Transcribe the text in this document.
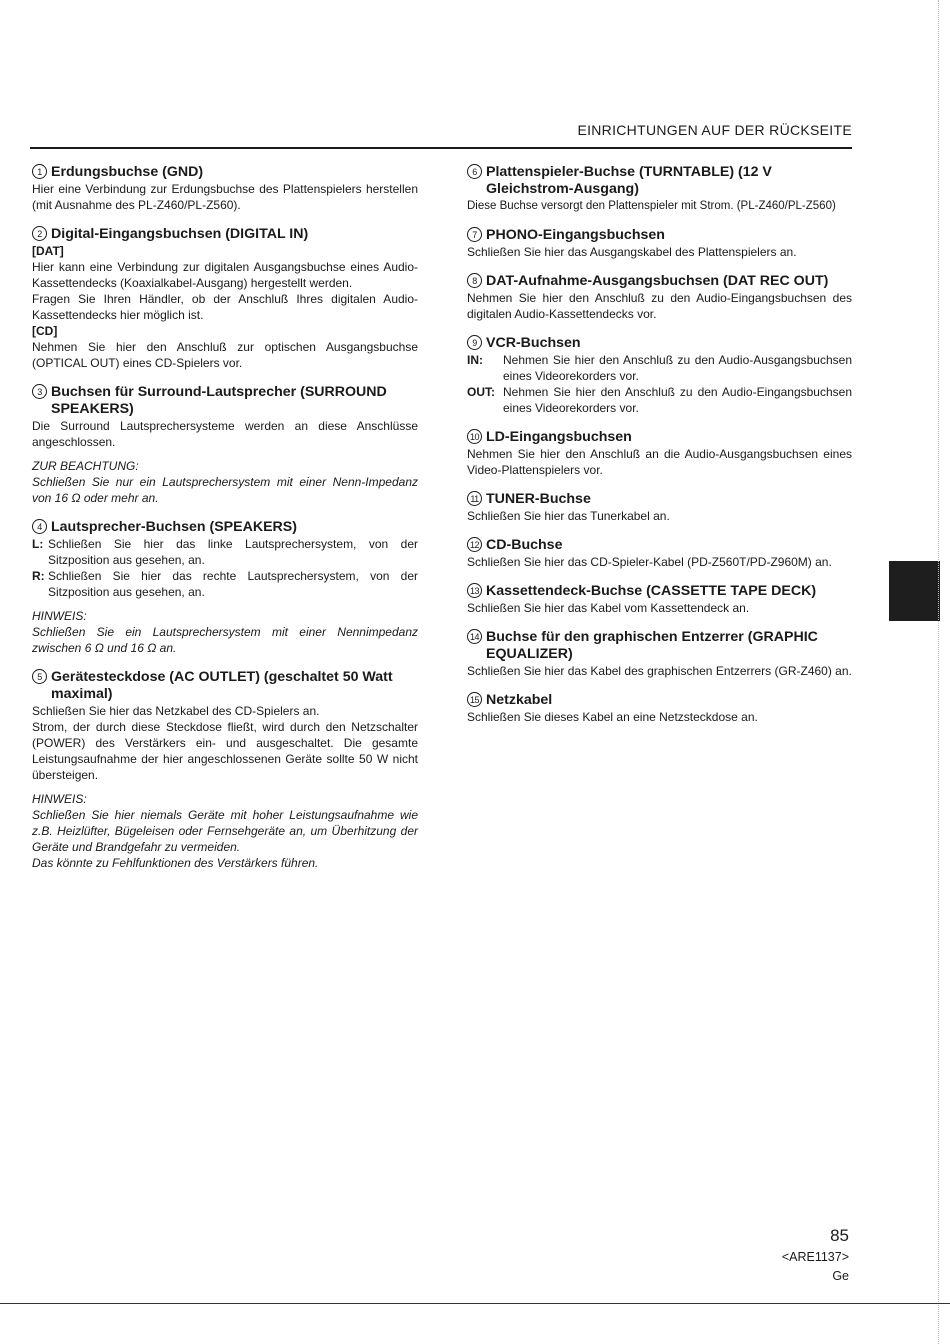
EINRICHTUNGEN AUF DER RÜCKSEITE
1 Erdungsbuchse (GND)
Hier eine Verbindung zur Erdungsbuchse des Plattenspielers herstellen (mit Ausnahme des PL-Z460/PL-Z560).
2 Digital-Eingangsbuchsen (DIGITAL IN)
[DAT]
Hier kann eine Verbindung zur digitalen Ausgangsbuchse eines Audio-Kassettendecks (Koaxialkabel-Ausgang) hergestellt werden.
Fragen Sie Ihren Händler, ob der Anschluß Ihres digitalen Audio-Kassettendecks hier möglich ist.
[CD]
Nehmen Sie hier den Anschluß zur optischen Ausgangsbuchse (OPTICAL OUT) eines CD-Spielers vor.
3 Buchsen für Surround-Lautsprecher (SURROUND SPEAKERS)
Die Surround Lautsprechersysteme werden an diese Anschlüsse angeschlossen.
ZUR BEACHTUNG:
Schließen Sie nur ein Lautsprechersystem mit einer Nenn-Impedanz von 16 Ω oder mehr an.
4 Lautsprecher-Buchsen (SPEAKERS)
L: Schließen Sie hier das linke Lautsprechersystem, von der Sitzposition aus gesehen, an.
R: Schließen Sie hier das rechte Lautsprechersystem, von der Sitzposition aus gesehen, an.
HINWEIS:
Schließen Sie ein Lautsprechersystem mit einer Nennimpedanz zwischen 6 Ω und 16 Ω an.
5 Gerätesteckdose (AC OUTLET) (geschaltet 50 Watt maximal)
Schließen Sie hier das Netzkabel des CD-Spielers an.
Strom, der durch diese Steckdose fließt, wird durch den Netzschalter (POWER) des Verstärkers ein- und ausgeschaltet. Die gesamte Leistungsaufnahme der hier angeschlossenen Geräte sollte 50 W nicht übersteigen.
HINWEIS:
Schließen Sie hier niemals Geräte mit hoher Leistungsaufnahme wie z.B. Heizlüfter, Bügeleisen oder Fernsehgeräte an, um Überhitzung der Geräte und Brandgefahr zu vermeiden.
Das könnte zu Fehlfunktionen des Verstärkers führen.
6 Plattenspieler-Buchse (TURNTABLE) (12 V Gleichstrom-Ausgang)
Diese Buchse versorgt den Plattenspieler mit Strom. (PL-Z460/PL-Z560)
7 PHONO-Eingangsbuchsen
Schließen Sie hier das Ausgangskabel des Plattenspielers an.
8 DAT-Aufnahme-Ausgangsbuchsen (DAT REC OUT)
Nehmen Sie hier den Anschluß zu den Audio-Eingangsbuchsen des digitalen Audio-Kassettendecks vor.
9 VCR-Buchsen
IN:	Nehmen Sie hier den Anschluß zu den Audio-Ausgangsbuchsen eines Videorekorders vor.
OUT: Nehmen Sie hier den Anschluß zu den Audio-Eingangsbuchsen eines Videorekorders vor.
10 LD-Eingangsbuchsen
Nehmen Sie hier den Anschluß an die Audio-Ausgangsbuchsen eines Video-Plattenspielers vor.
11 TUNER-Buchse
Schließen Sie hier das Tunerkabel an.
12 CD-Buchse
Schließen Sie hier das CD-Spieler-Kabel (PD-Z560T/PD-Z960M) an.
13 Kassettendeck-Buchse (CASSETTE TAPE DECK)
Schließen Sie hier das Kabel vom Kassettendeck an.
14 Buchse für den graphischen Entzerrer (GRAPHIC EQUALIZER)
Schließen Sie hier das Kabel des graphischen Entzerrers (GR-Z460) an.
15 Netzkabel
Schließen Sie dieses Kabel an eine Netzsteckdose an.
85
<ARE1137>
Ge
